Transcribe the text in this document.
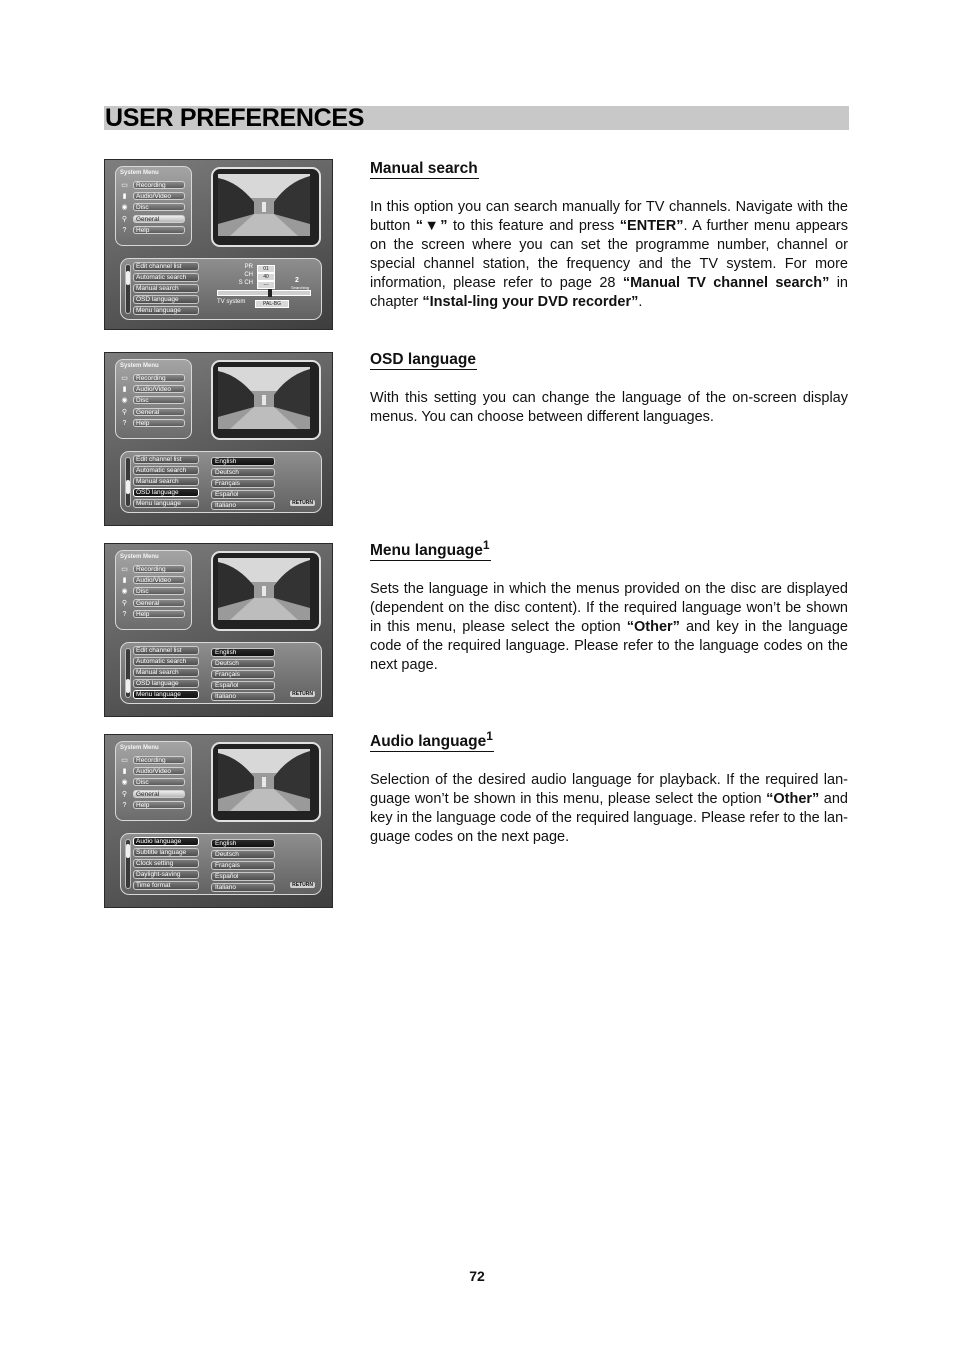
USER PREFERENCES
System Menu
▭	Recording
▮	Audio/Video
◉	Disc
⚲	General
?	Help
Edit channel list
Automatic search
Manual search
OSD language
Menu language
PR	01
CH	40
S CH	---
2
Searching
TV system	PAL-BG
System Menu
▭	Recording
▮	Audio/Video
◉	Disc
⚲	General
?	Help
Edit channel list
Automatic search
Manual search
OSD language
Menu language
English
Deutsch
Français
Español
Italiano	RETURN
System Menu
▭	Recording
▮	Audio/Video
◉	Disc
⚲	General
?	Help
Edit channel list
Automatic search
Manual search
OSD language
Menu language
English
Deutsch
Français
Español
Italiano	RETURN
System Menu
▭	Recording
▮	Audio/Video
◉	Disc
⚲	General
?	Help
Audio language
Subtitle language
Clock setting
Daylight-saving
Time format
English
Deutsch
Français
Español
Italiano	RETURN
Manual search
In this option you can search manually for TV channels. Navigate with the button “▼” to this feature and press “ENTER”. A further menu appears on the screen where you can set the programme number, channel or special channel station, the frequency and the TV system. For more information, please refer to page 28 “Manual TV channel search” in chapter “Instal-ling your DVD recorder”.
OSD language
With this setting you can change the language of the on-screen display menus. You can choose between different languages.
Menu language$^1$
Sets the language in which the menus provided on the disc are displayed (dependent on the disc content). If the required language won’t be shown in this menu, please select the option “Other” and key in the language code of the required language. Please refer to the language codes on the next page.
Audio language$^1$
Selection of the desired audio language for playback. If the required lan-guage won’t be shown in this menu, please select the option “Other” and key in the language code of the required language. Please refer to the lan-guage codes on the next page.
72
